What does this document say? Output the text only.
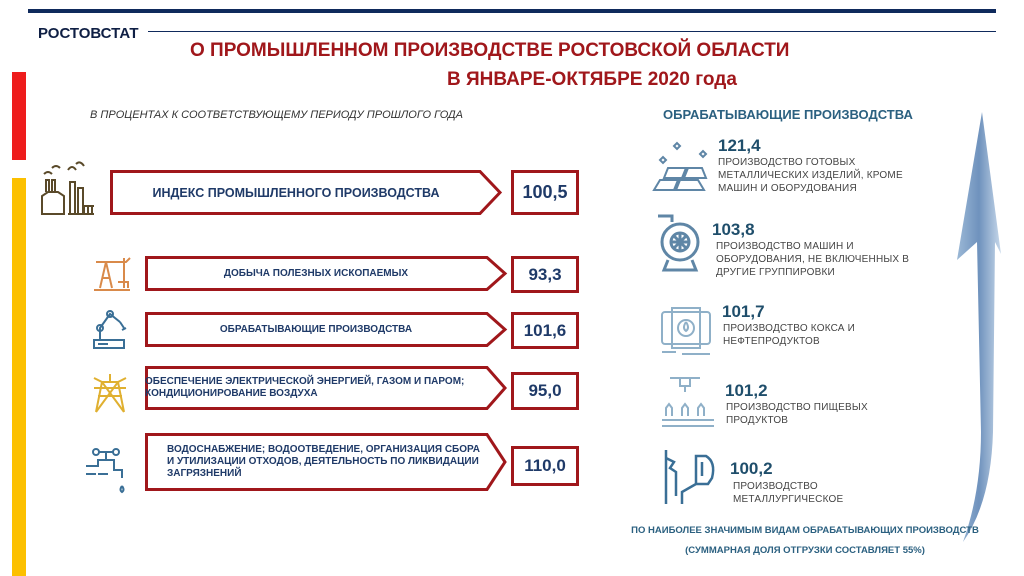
РОСТОВСТАТ
О ПРОМЫШЛЕННОМ ПРОИЗВОДСТВЕ РОСТОВСКОЙ ОБЛАСТИ
В ЯНВАРЕ-ОКТЯБРЕ 2020 года
В ПРОЦЕНТАХ К СООТВЕТСТВУЮЩЕМУ ПЕРИОДУ ПРОШЛОГО ГОДА
ИНДЕКС ПРОМЫШЛЕННОГО ПРОИЗВОДСТВА	100,5
ДОБЫЧА ПОЛЕЗНЫХ ИСКОПАЕМЫХ	93,3
ОБРАБАТЫВАЮЩИЕ ПРОИЗВОДСТВА	101,6
ОБЕСПЕЧЕНИЕ ЭЛЕКТРИЧЕСКОЙ ЭНЕРГИЕЙ, ГАЗОМ И ПАРОМ; КОНДИЦИОНИРОВАНИЕ ВОЗДУХА	95,0
ВОДОСНАБЖЕНИЕ; ВОДООТВЕДЕНИЕ, ОРГАНИЗАЦИЯ СБОРА И УТИЛИЗАЦИИ ОТХОДОВ, ДЕЯТЕЛЬНОСТЬ ПО ЛИКВИДАЦИИ ЗАГРЯЗНЕНИЙ	110,0
ОБРАБАТЫВАЮЩИЕ ПРОИЗВОДСТВА
121,4
ПРОИЗВОДСТВО ГОТОВЫХ МЕТАЛЛИЧЕСКИХ ИЗДЕЛИЙ, КРОМЕ МАШИН И ОБОРУДОВАНИЯ
103,8
ПРОИЗВОДСТВО МАШИН И ОБОРУДОВАНИЯ, НЕ ВКЛЮЧЕННЫХ В ДРУГИЕ ГРУППИРОВКИ
101,7
ПРОИЗВОДСТВО КОКСА И НЕФТЕПРОДУКТОВ
101,2
ПРОИЗВОДСТВО ПИЩЕВЫХ ПРОДУКТОВ
100,2
ПРОИЗВОДСТВО МЕТАЛЛУРГИЧЕСКОЕ
ПО НАИБОЛЕЕ ЗНАЧИМЫМ ВИДАМ ОБРАБАТЫВАЮЩИХ ПРОИЗВОДСТВ
(СУММАРНАЯ ДОЛЯ ОТГРУЗКИ СОСТАВЛЯЕТ 55%)
